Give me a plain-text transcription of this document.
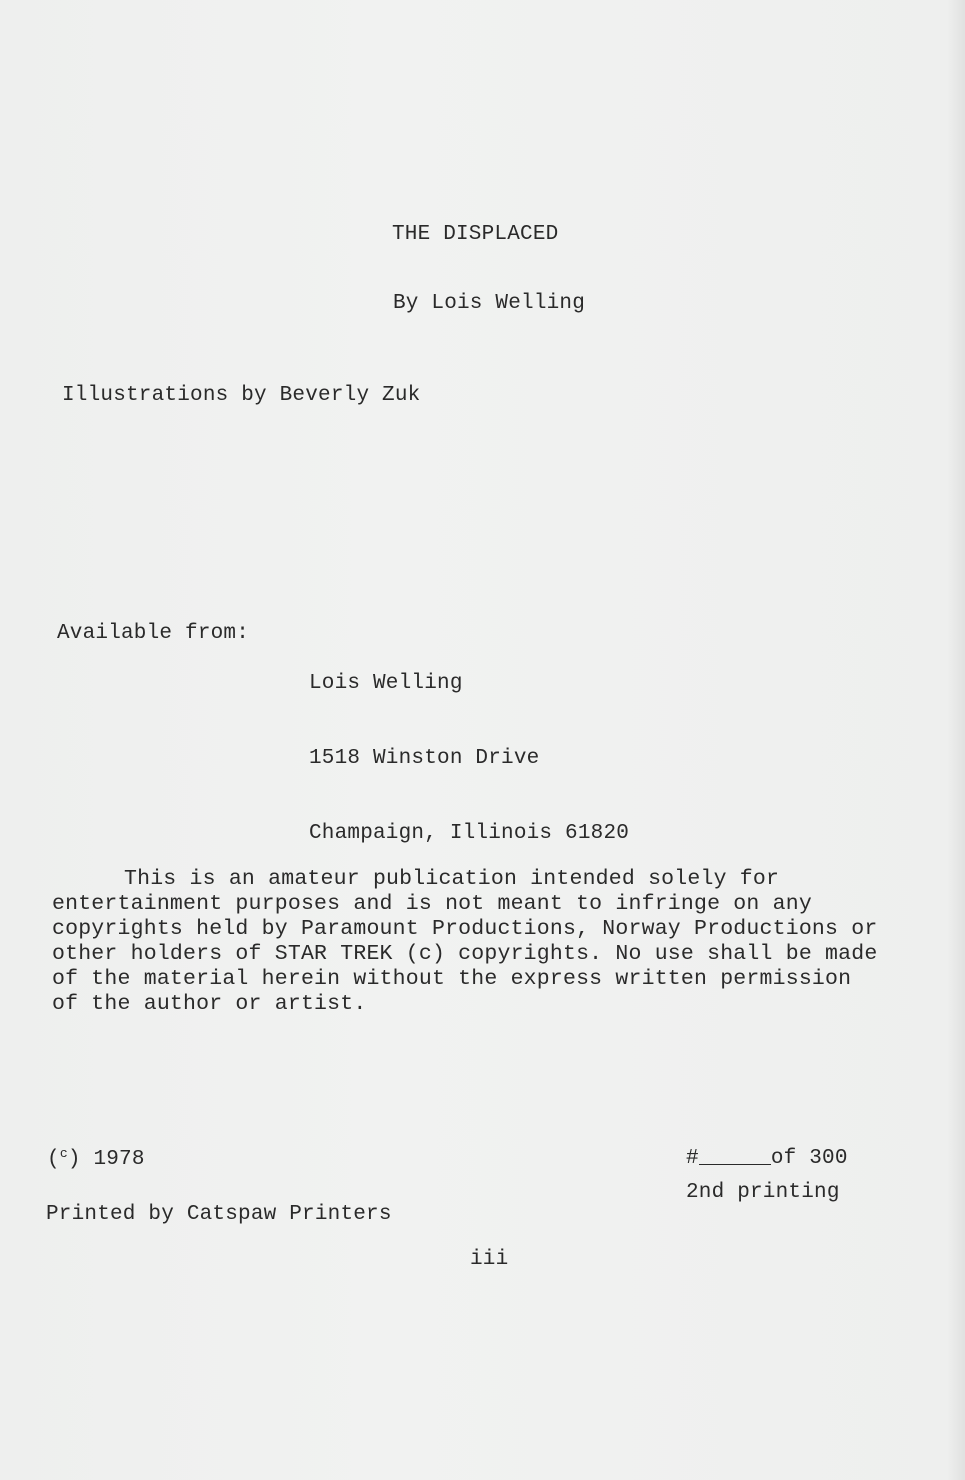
THE DISPLACED
By Lois Welling
Illustrations by Beverly Zuk
Available from:

Lois Welling

1518 Winston Drive

Champaign, Illinois 61820

This is an amateur publication intended solely for entertainment purposes and is not meant to infringe on any copyrights held by Paramount Productions, Norway Productions or other holders of STAR TREK (c) copyrights. No use shall be made of the material herein without the express written permission of the author or artist.
($^c$) 1978	#	of 300
2nd printing
Printed by Catspaw Printers
iii
